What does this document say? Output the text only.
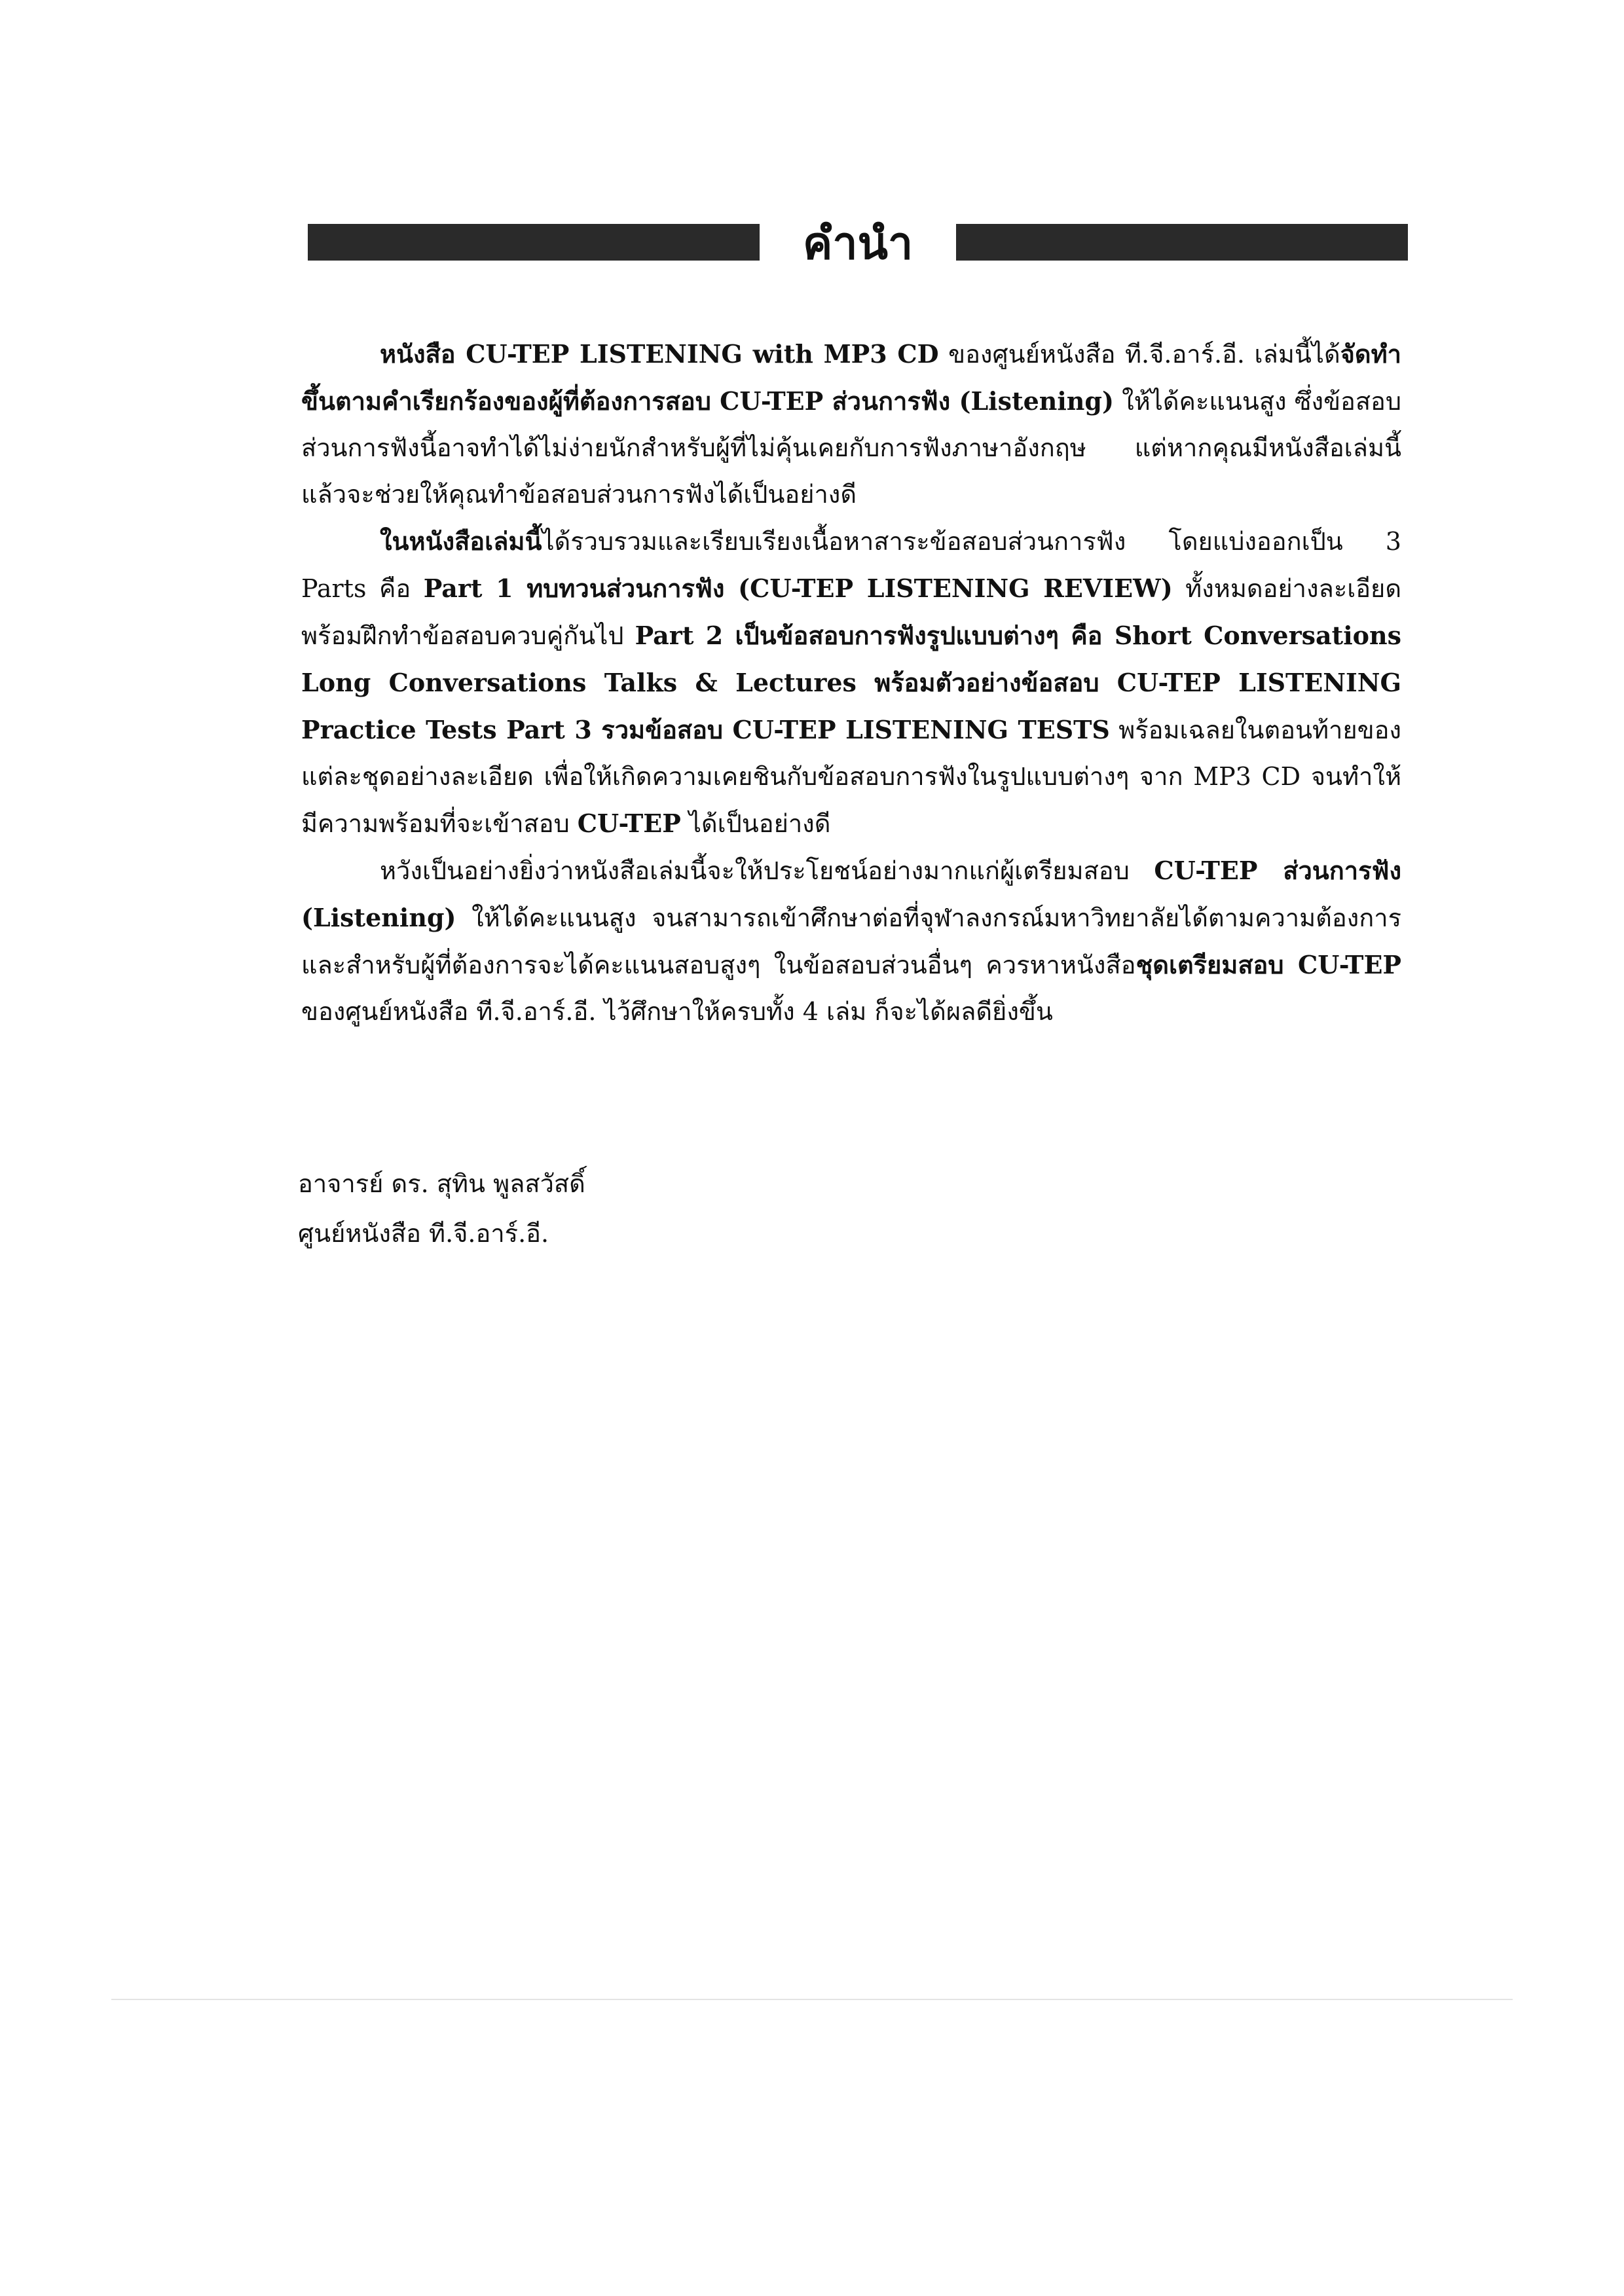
คำนำ

หนังสือ CU-TEP LISTENING with MP3 CD ของศูนย์หนังสือ ที.จี.อาร์.อี. เล่มนี้ได้จัดทำขึ้นตามคำเรียกร้องของผู้ที่ต้องการสอบ CU-TEP ส่วนการฟัง (Listening) ให้ได้คะแนนสูง ซึ่งข้อสอบส่วนการฟังนี้อาจทำได้ไม่ง่ายนักสำหรับผู้ที่ไม่คุ้นเคยกับการฟังภาษาอังกฤษ แต่หากคุณมีหนังสือเล่มนี้แล้วจะช่วยให้คุณทำข้อสอบส่วนการฟังได้เป็นอย่างดี

ในหนังสือเล่มนี้ได้รวบรวมและเรียบเรียงเนื้อหาสาระข้อสอบส่วนการฟัง โดยแบ่งออกเป็น 3 Parts คือ Part 1 ทบทวนส่วนการฟัง (CU-TEP LISTENING REVIEW) ทั้งหมดอย่างละเอียดพร้อมฝึกทำข้อสอบควบคู่กันไป Part 2 เป็นข้อสอบการฟังรูปแบบต่างๆ คือ Short Conversations Long Conversations Talks & Lectures พร้อมตัวอย่างข้อสอบ CU-TEP LISTENING Practice Tests Part 3 รวมข้อสอบ CU-TEP LISTENING TESTS พร้อมเฉลยในตอนท้ายของแต่ละชุดอย่างละเอียด เพื่อให้เกิดความเคยชินกับข้อสอบการฟังในรูปแบบต่างๆ จาก MP3 CD จนทำให้มีความพร้อมที่จะเข้าสอบ CU-TEP ได้เป็นอย่างดี

หวังเป็นอย่างยิ่งว่าหนังสือเล่มนี้จะให้ประโยชน์อย่างมากแก่ผู้เตรียมสอบ CU-TEP ส่วนการฟัง (Listening) ให้ได้คะแนนสูง จนสามารถเข้าศึกษาต่อที่จุฬาลงกรณ์มหาวิทยาลัยได้ตามความต้องการ และสำหรับผู้ที่ต้องการจะได้คะแนนสอบสูงๆ ในข้อสอบส่วนอื่นๆ ควรหาหนังสือชุดเตรียมสอบ CU-TEP ของศูนย์หนังสือ ที.จี.อาร์.อี. ไว้ศึกษาให้ครบทั้ง 4 เล่ม ก็จะได้ผลดียิ่งขึ้น

อาจารย์ ดร. สุทิน พูลสวัสดิ์
ศูนย์หนังสือ ที.จี.อาร์.อี.
